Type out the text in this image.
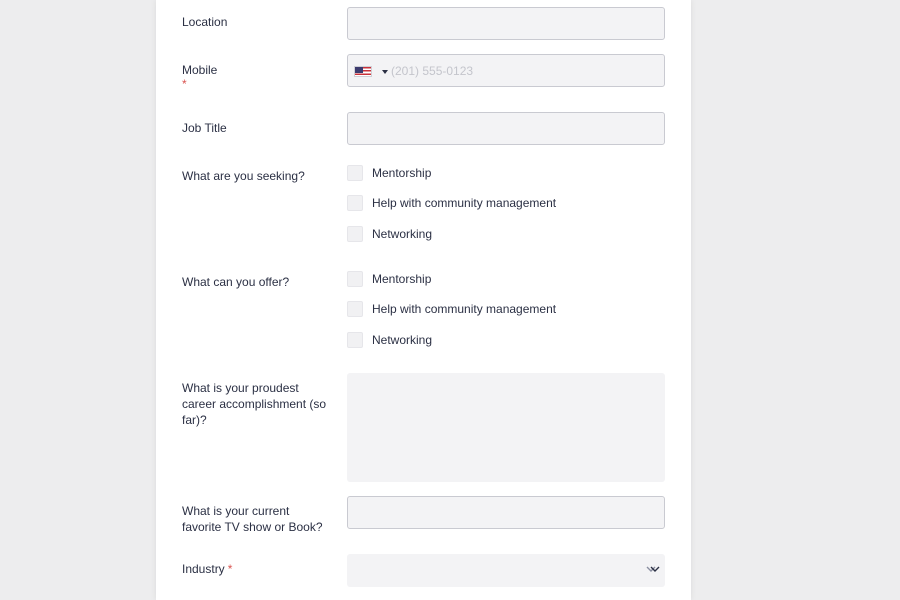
Location
Mobile
*
(201) 555-0123
Job Title
What are you seeking?	Mentorship
Help with community management
Networking
What can you offer?	Mentorship
Help with community management
Networking
What is your proudest career accomplishment (so far)?
What is your current favorite TV show or Book?
Industry *
